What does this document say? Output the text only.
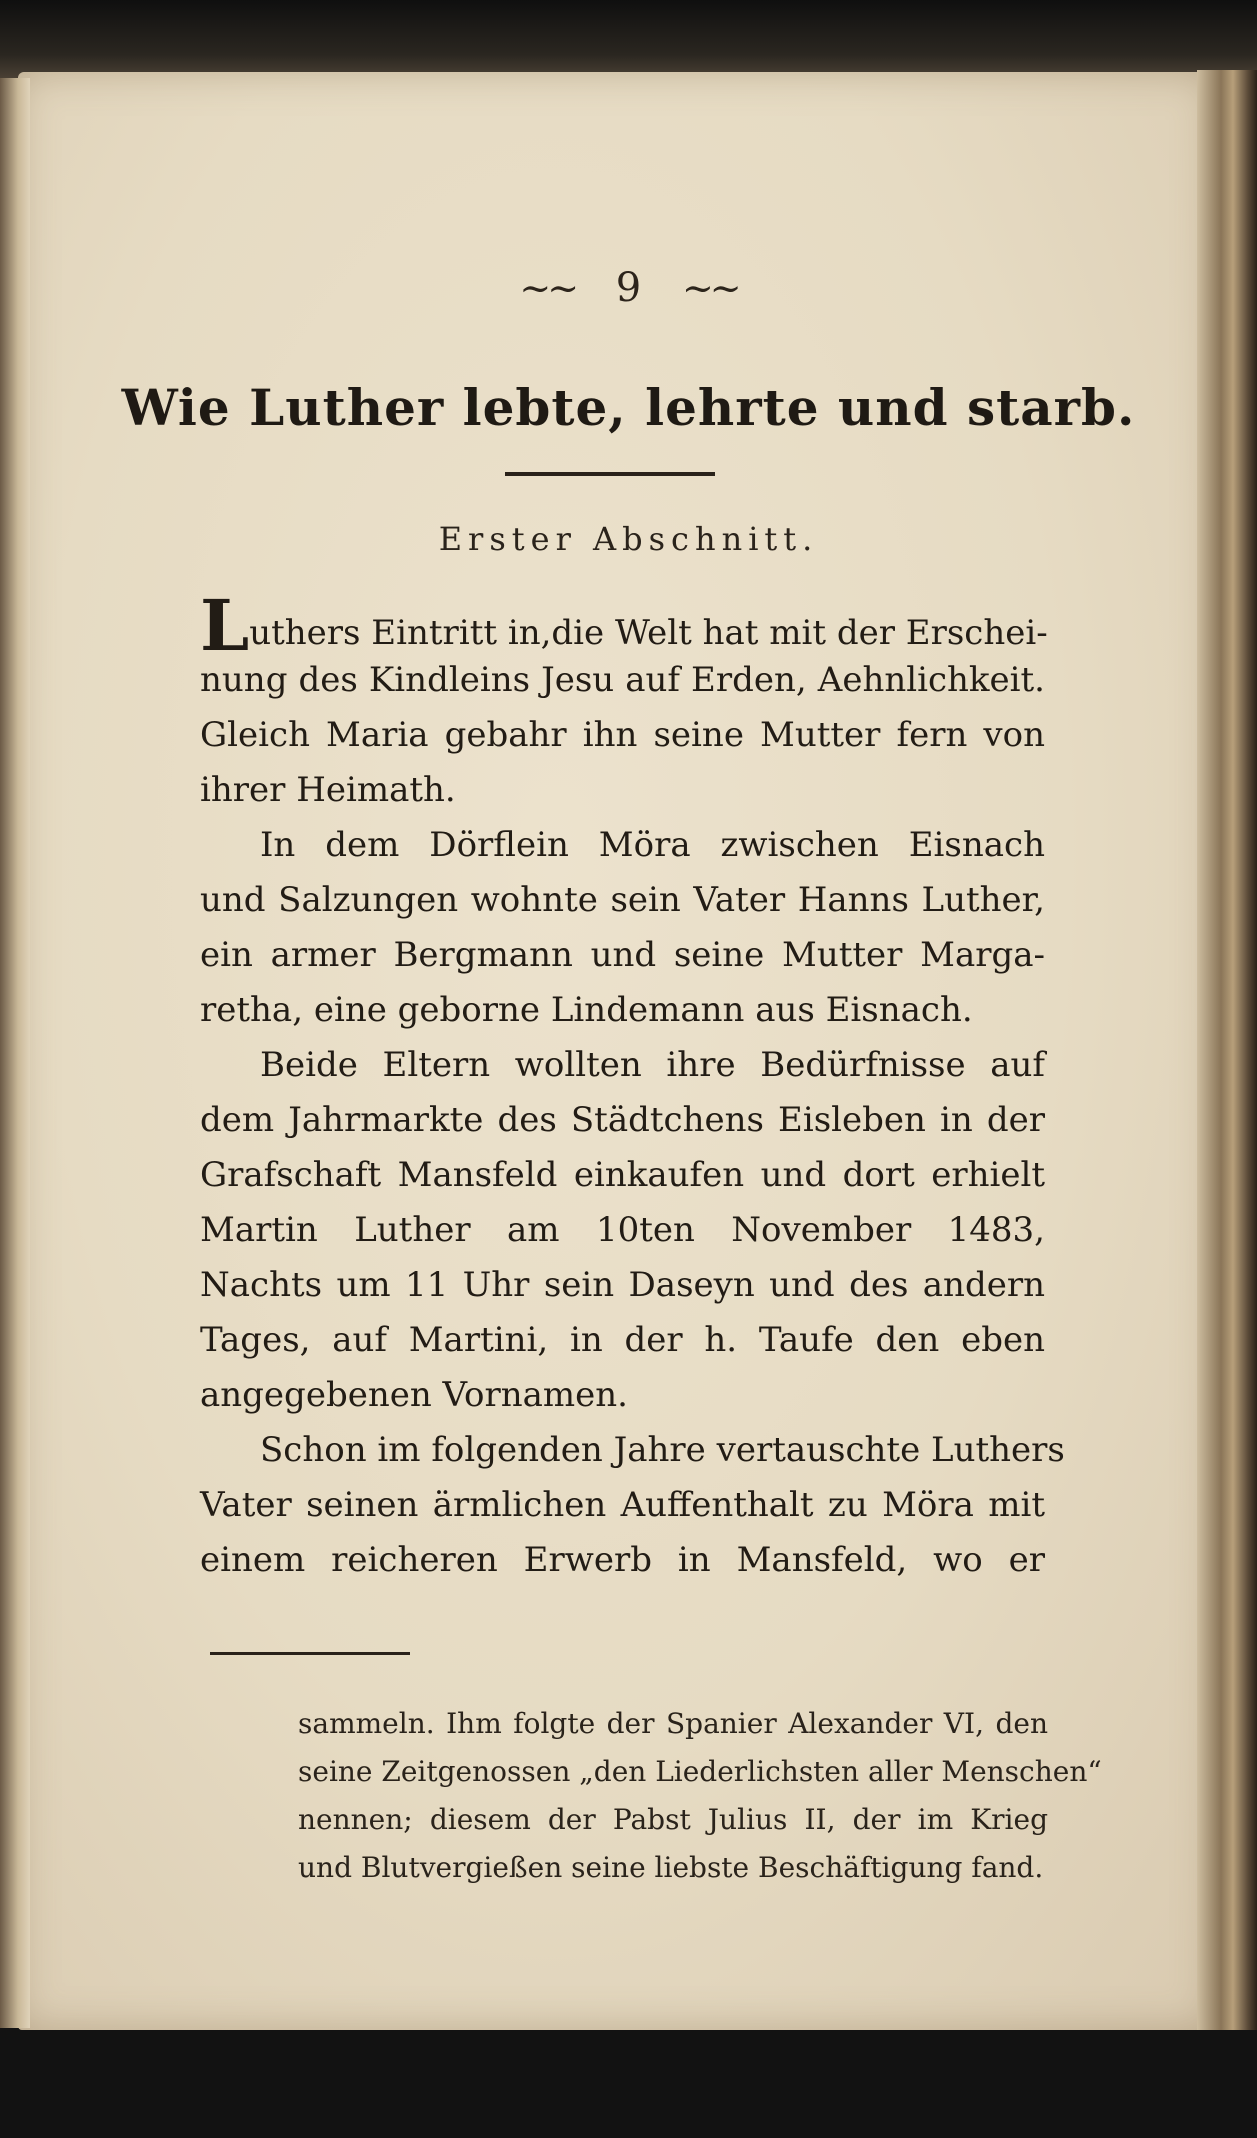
~~ 9 ~~
Wie Luther lebte, lehrte und starb.
Erster Abschnitt.
Luthers Eintritt in,die Welt hat mit der Erschei-
nung des Kindleins Jesu auf Erden, Aehnlichkeit.
Gleich Maria gebahr ihn seine Mutter fern von
ihrer Heimath.
In dem Dörflein Möra zwischen Eisnach
und Salzungen wohnte sein Vater Hanns Luther,
ein armer Bergmann und seine Mutter Marga-
retha, eine geborne Lindemann aus Eisnach.
Beide Eltern wollten ihre Bedürfnisse auf
dem Jahrmarkte des Städtchens Eisleben in der
Grafschaft Mansfeld einkaufen und dort erhielt
Martin Luther am 10ten November 1483,
Nachts um 11 Uhr sein Daseyn und des andern
Tages, auf Martini, in der h. Taufe den eben
angegebenen Vornamen.
Schon im folgenden Jahre vertauschte Luthers
Vater seinen ärmlichen Auffenthalt zu Möra mit
einem reicheren Erwerb in Mansfeld, wo er
sammeln. Ihm folgte der Spanier Alexander VI, den
seine Zeitgenossen „den Liederlichsten aller Menschen“
nennen; diesem der Pabst Julius II, der im Krieg
und Blutvergießen seine liebste Beschäftigung fand.
